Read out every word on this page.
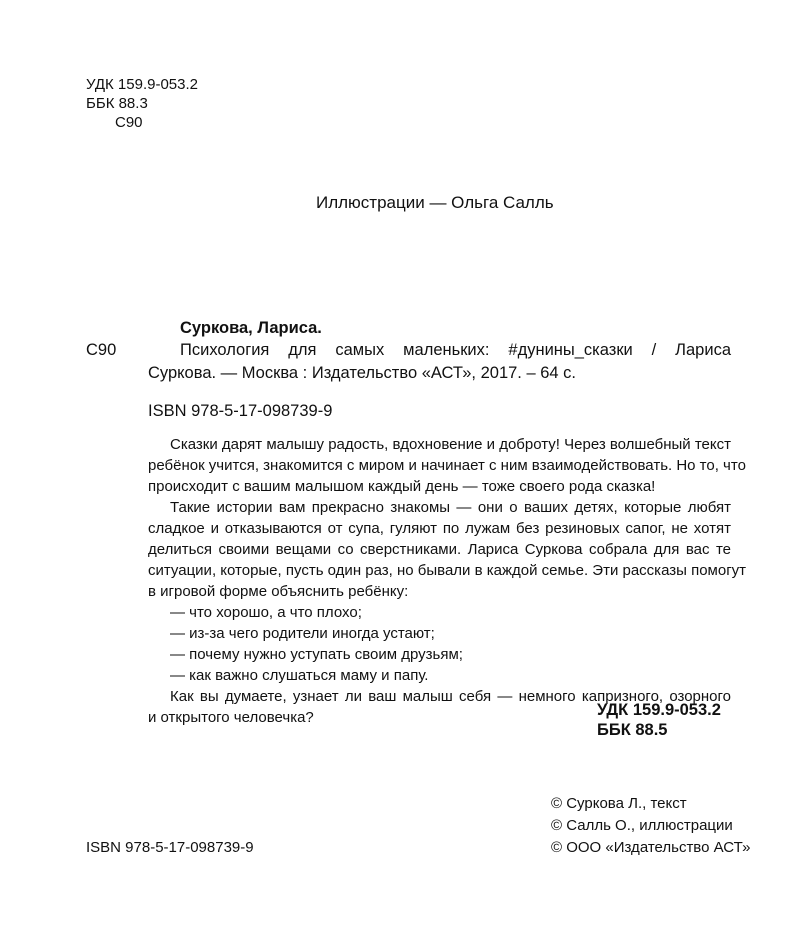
УДК 159.9-053.2
ББК 88.3
С90
Иллюстрации — Ольга Салль
Суркова, Лариса.
С90	Психология для самых маленьких: #дунины_сказки / Лариса
Суркова. — Москва : Издательство «АСТ», 2017. – 64 с.
ISBN 978-5-17-098739-9
Сказки дарят малышу радость, вдохновение и доброту! Через волшебный текст
ребёнок учится, знакомится с миром и начинает с ним взаимодействовать. Но то, что
происходит с вашим малышом каждый день — тоже своего рода сказка!
Такие истории вам прекрасно знакомы — они о ваших детях, которые любят
сладкое и отказываются от супа, гуляют по лужам без резиновых сапог, не хотят
делиться своими вещами со сверстниками. Лариса Суркова собрала для вас те
ситуации, которые, пусть один раз, но бывали в каждой семье. Эти рассказы помогут
в игровой форме объяснить ребёнку:
— что хорошо, а что плохо;
— из-за чего родители иногда устают;
— почему нужно уступать своим друзьям;
— как важно слушаться маму и папу.
Как вы думаете, узнает ли ваш малыш себя — немного капризного, озорного
и открытого человечка?	УДК 159.9-053.2
ББК 88.5
© Суркова Л., текст
© Салль О., иллюстрации
© ООО «Издательство АСТ»
ISBN 978-5-17-098739-9
